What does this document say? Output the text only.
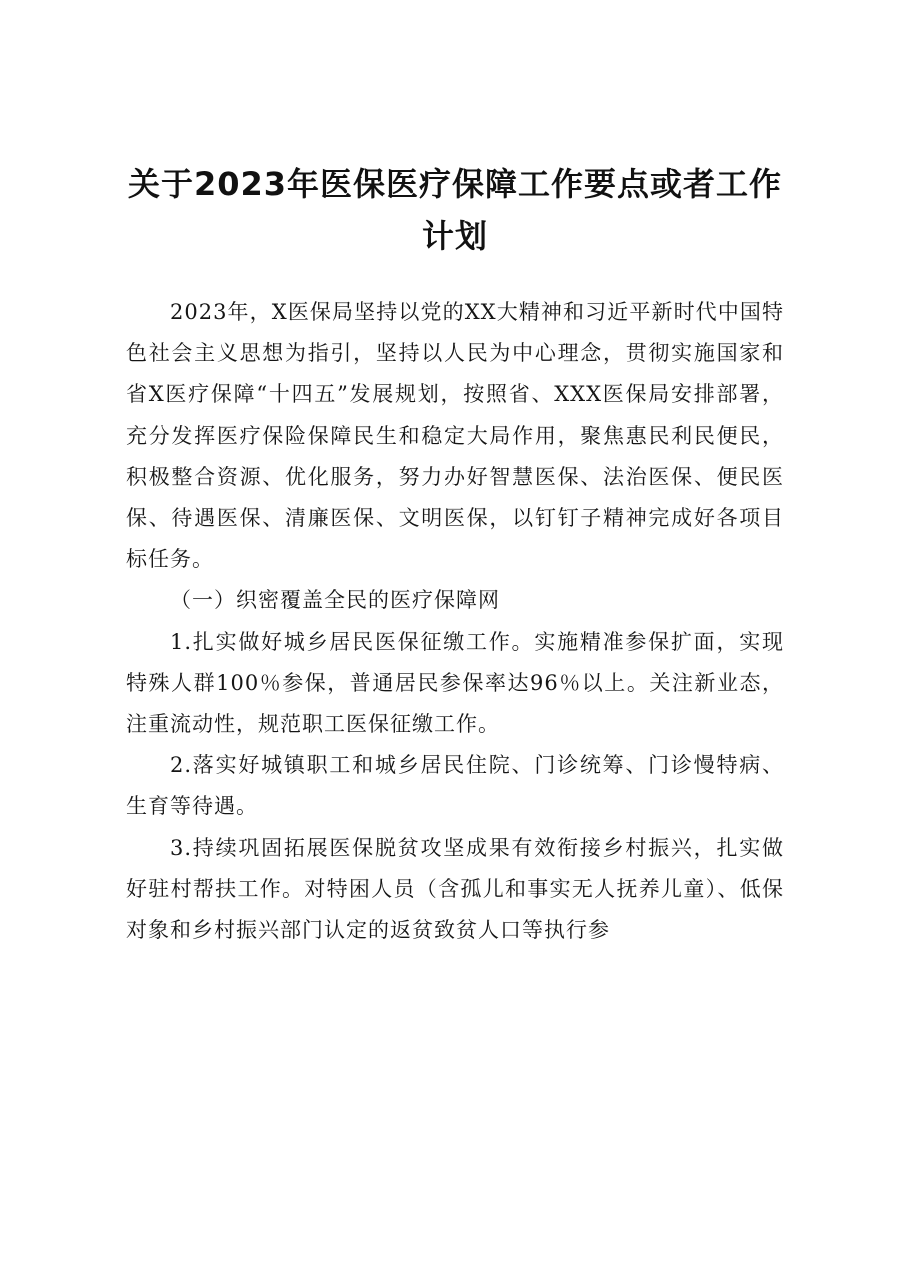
关于2023年医保医疗保障工作要点或者工作计划

2023年，X医保局坚持以党的XX大精神和习近平新时代中国特色社会主义思想为指引，坚持以人民为中心理念，贯彻实施国家和省X医疗保障“十四五”发展规划，按照省、XXX医保局安排部署，充分发挥医疗保险保障民生和稳定大局作用，聚焦惠民利民便民，积极整合资源、优化服务，努力办好智慧医保、法治医保、便民医保、待遇医保、清廉医保、文明医保，以钉钉子精神完成好各项目标任务。

（一）织密覆盖全民的医疗保障网

1.扎实做好城乡居民医保征缴工作。实施精准参保扩面，实现特殊人群100％参保，普通居民参保率达96％以上。关注新业态，注重流动性，规范职工医保征缴工作。

2.落实好城镇职工和城乡居民住院、门诊统筹、门诊慢特病、生育等待遇。

3.持续巩固拓展医保脱贫攻坚成果有效衔接乡村振兴，扎实做好驻村帮扶工作。对特困人员（含孤儿和事实无人抚养儿童）、低保对象和乡村振兴部门认定的返贫致贫人口等执行参
